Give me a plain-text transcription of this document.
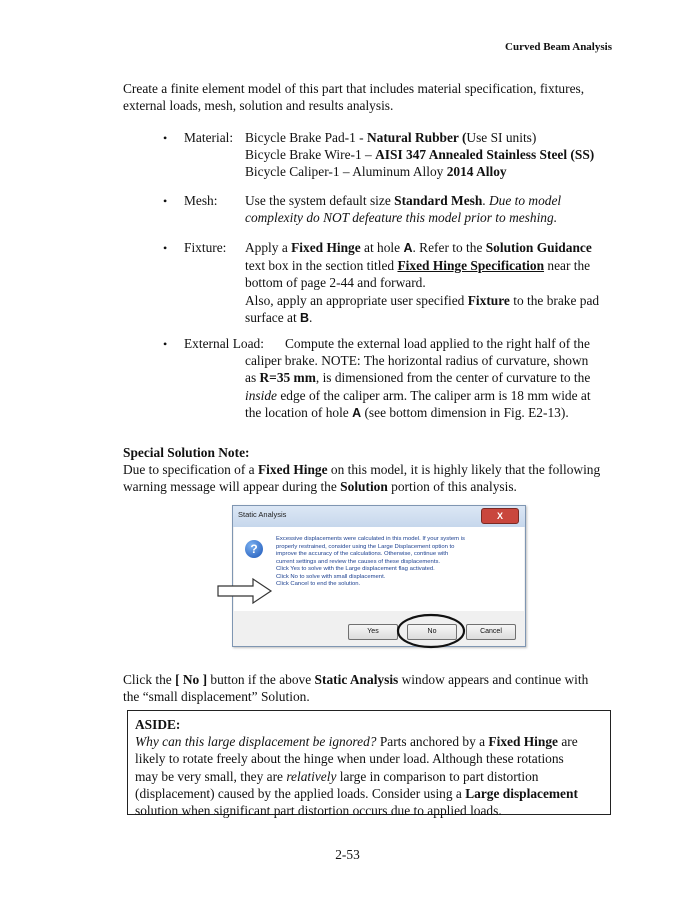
Curved Beam Analysis
Create a finite element model of this part that includes material specification, fixtures,
external loads, mesh, solution and results analysis.
• Material: Bicycle Brake Pad-1 - Natural Rubber (Use SI units)
Bicycle Brake Wire-1 – AISI 347 Annealed Stainless Steel (SS)
Bicycle Caliper-1 – Aluminum Alloy 2014 Alloy
• Mesh: Use the system default size Standard Mesh. Due to model
complexity do NOT defeature this model prior to meshing.
• Fixture: Apply a Fixed Hinge at hole A. Refer to the Solution Guidance
text box in the section titled Fixed Hinge Specification near the
bottom of page 2-44 and forward.
Also, apply an appropriate user specified Fixture to the brake pad
surface at B.
• External Load: Compute the external load applied to the right half of the
caliper brake. NOTE: The horizontal radius of curvature, shown
as R=35 mm, is dimensioned from the center of curvature to the
inside edge of the caliper arm. The caliper arm is 18 mm wide at
the location of hole A (see bottom dimension in Fig. E2-13).
Special Solution Note:
Due to specification of a Fixed Hinge on this model, it is highly likely that the following
warning message will appear during the Solution portion of this analysis.
Static Analysis	X
?
Excessive displacements were calculated in this model. If your system is
properly restrained, consider using the Large Displacement option to
improve the accuracy of the calculations. Otherwise, continue with
current settings and review the causes of these displacements.
Click Yes to solve with the Large displacement flag activated.
Click No to solve with small displacement.
Click Cancel to end the solution.
Yes	No	Cancel
Click the [ No ] button if the above Static Analysis window appears and continue with
the “small displacement” Solution.
ASIDE:
Why can this large displacement be ignored? Parts anchored by a Fixed Hinge are
likely to rotate freely about the hinge when under load. Although these rotations
may be very small, they are relatively large in comparison to part distortion
(displacement) caused by the applied loads. Consider using a Large displacement
solution when significant part distortion occurs due to applied loads.
2-53
